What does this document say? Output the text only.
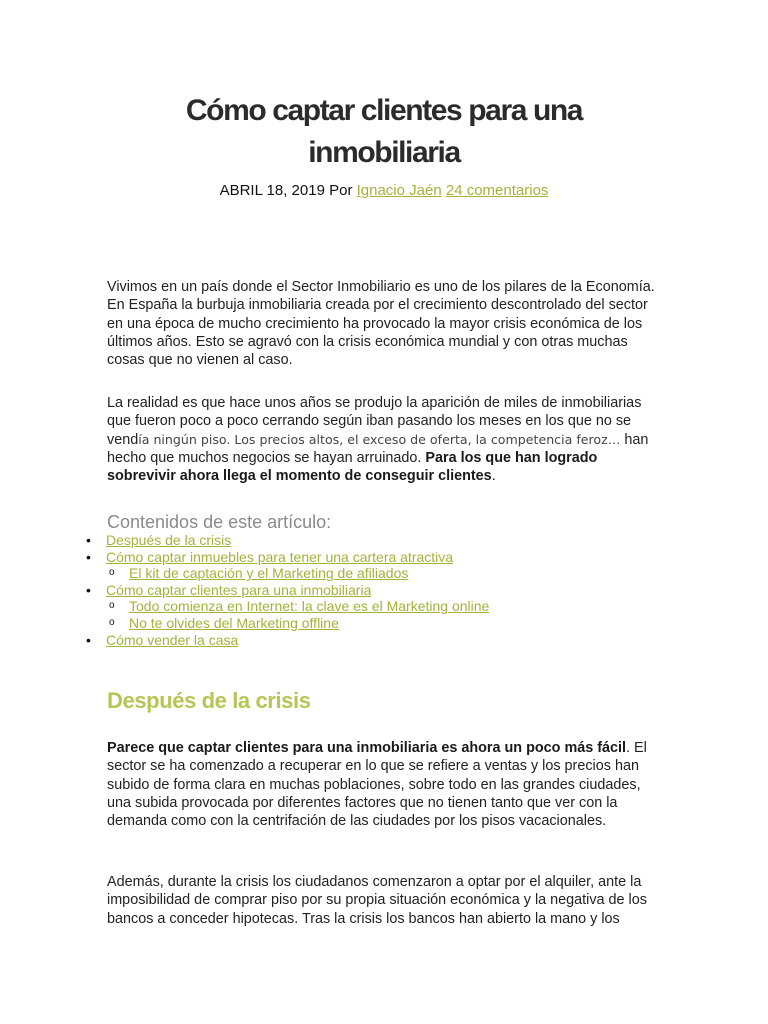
Cómo captar clientes para una inmobiliaria
ABRIL 18, 2019 Por Ignacio Jaén 24 comentarios

Vivimos en un país donde el Sector Inmobiliario es uno de los pilares de la Economía. En España la burbuja inmobiliaria creada por el crecimiento descontrolado del sector en una época de mucho crecimiento ha provocado la mayor crisis económica de los últimos años. Esto se agravó con la crisis económica mundial y con otras muchas cosas que no vienen al caso.

La realidad es que hace unos años se produjo la aparición de miles de inmobiliarias que fueron poco a poco cerrando según iban pasando los meses en los que no se vendía ningún piso. Los precios altos, el exceso de oferta, la competencia feroz… han hecho que muchos negocios se hayan arruinado. Para los que han logrado sobrevivir ahora llega el momento de conseguir clientes.

Contenidos de este artículo:
• Después de la crisis
• Cómo captar inmuebles para tener una cartera atractiva
o El kit de captación y el Marketing de afiliados
• Cómo captar clientes para una inmobiliaria
o Todo comienza en Internet: la clave es el Marketing online
o No te olvides del Marketing offline
• Cómo vender la casa
Después de la crisis

Parece que captar clientes para una inmobiliaria es ahora un poco más fácil. El sector se ha comenzado a recuperar en lo que se refiere a ventas y los precios han subido de forma clara en muchas poblaciones, sobre todo en las grandes ciudades, una subida provocada por diferentes factores que no tienen tanto que ver con la demanda como con la centrifación de las ciudades por los pisos vacacionales.

Además, durante la crisis los ciudadanos comenzaron a optar por el alquiler, ante la imposibilidad de comprar piso por su propia situación económica y la negativa de los bancos a conceder hipotecas. Tras la crisis los bancos han abierto la mano y los
